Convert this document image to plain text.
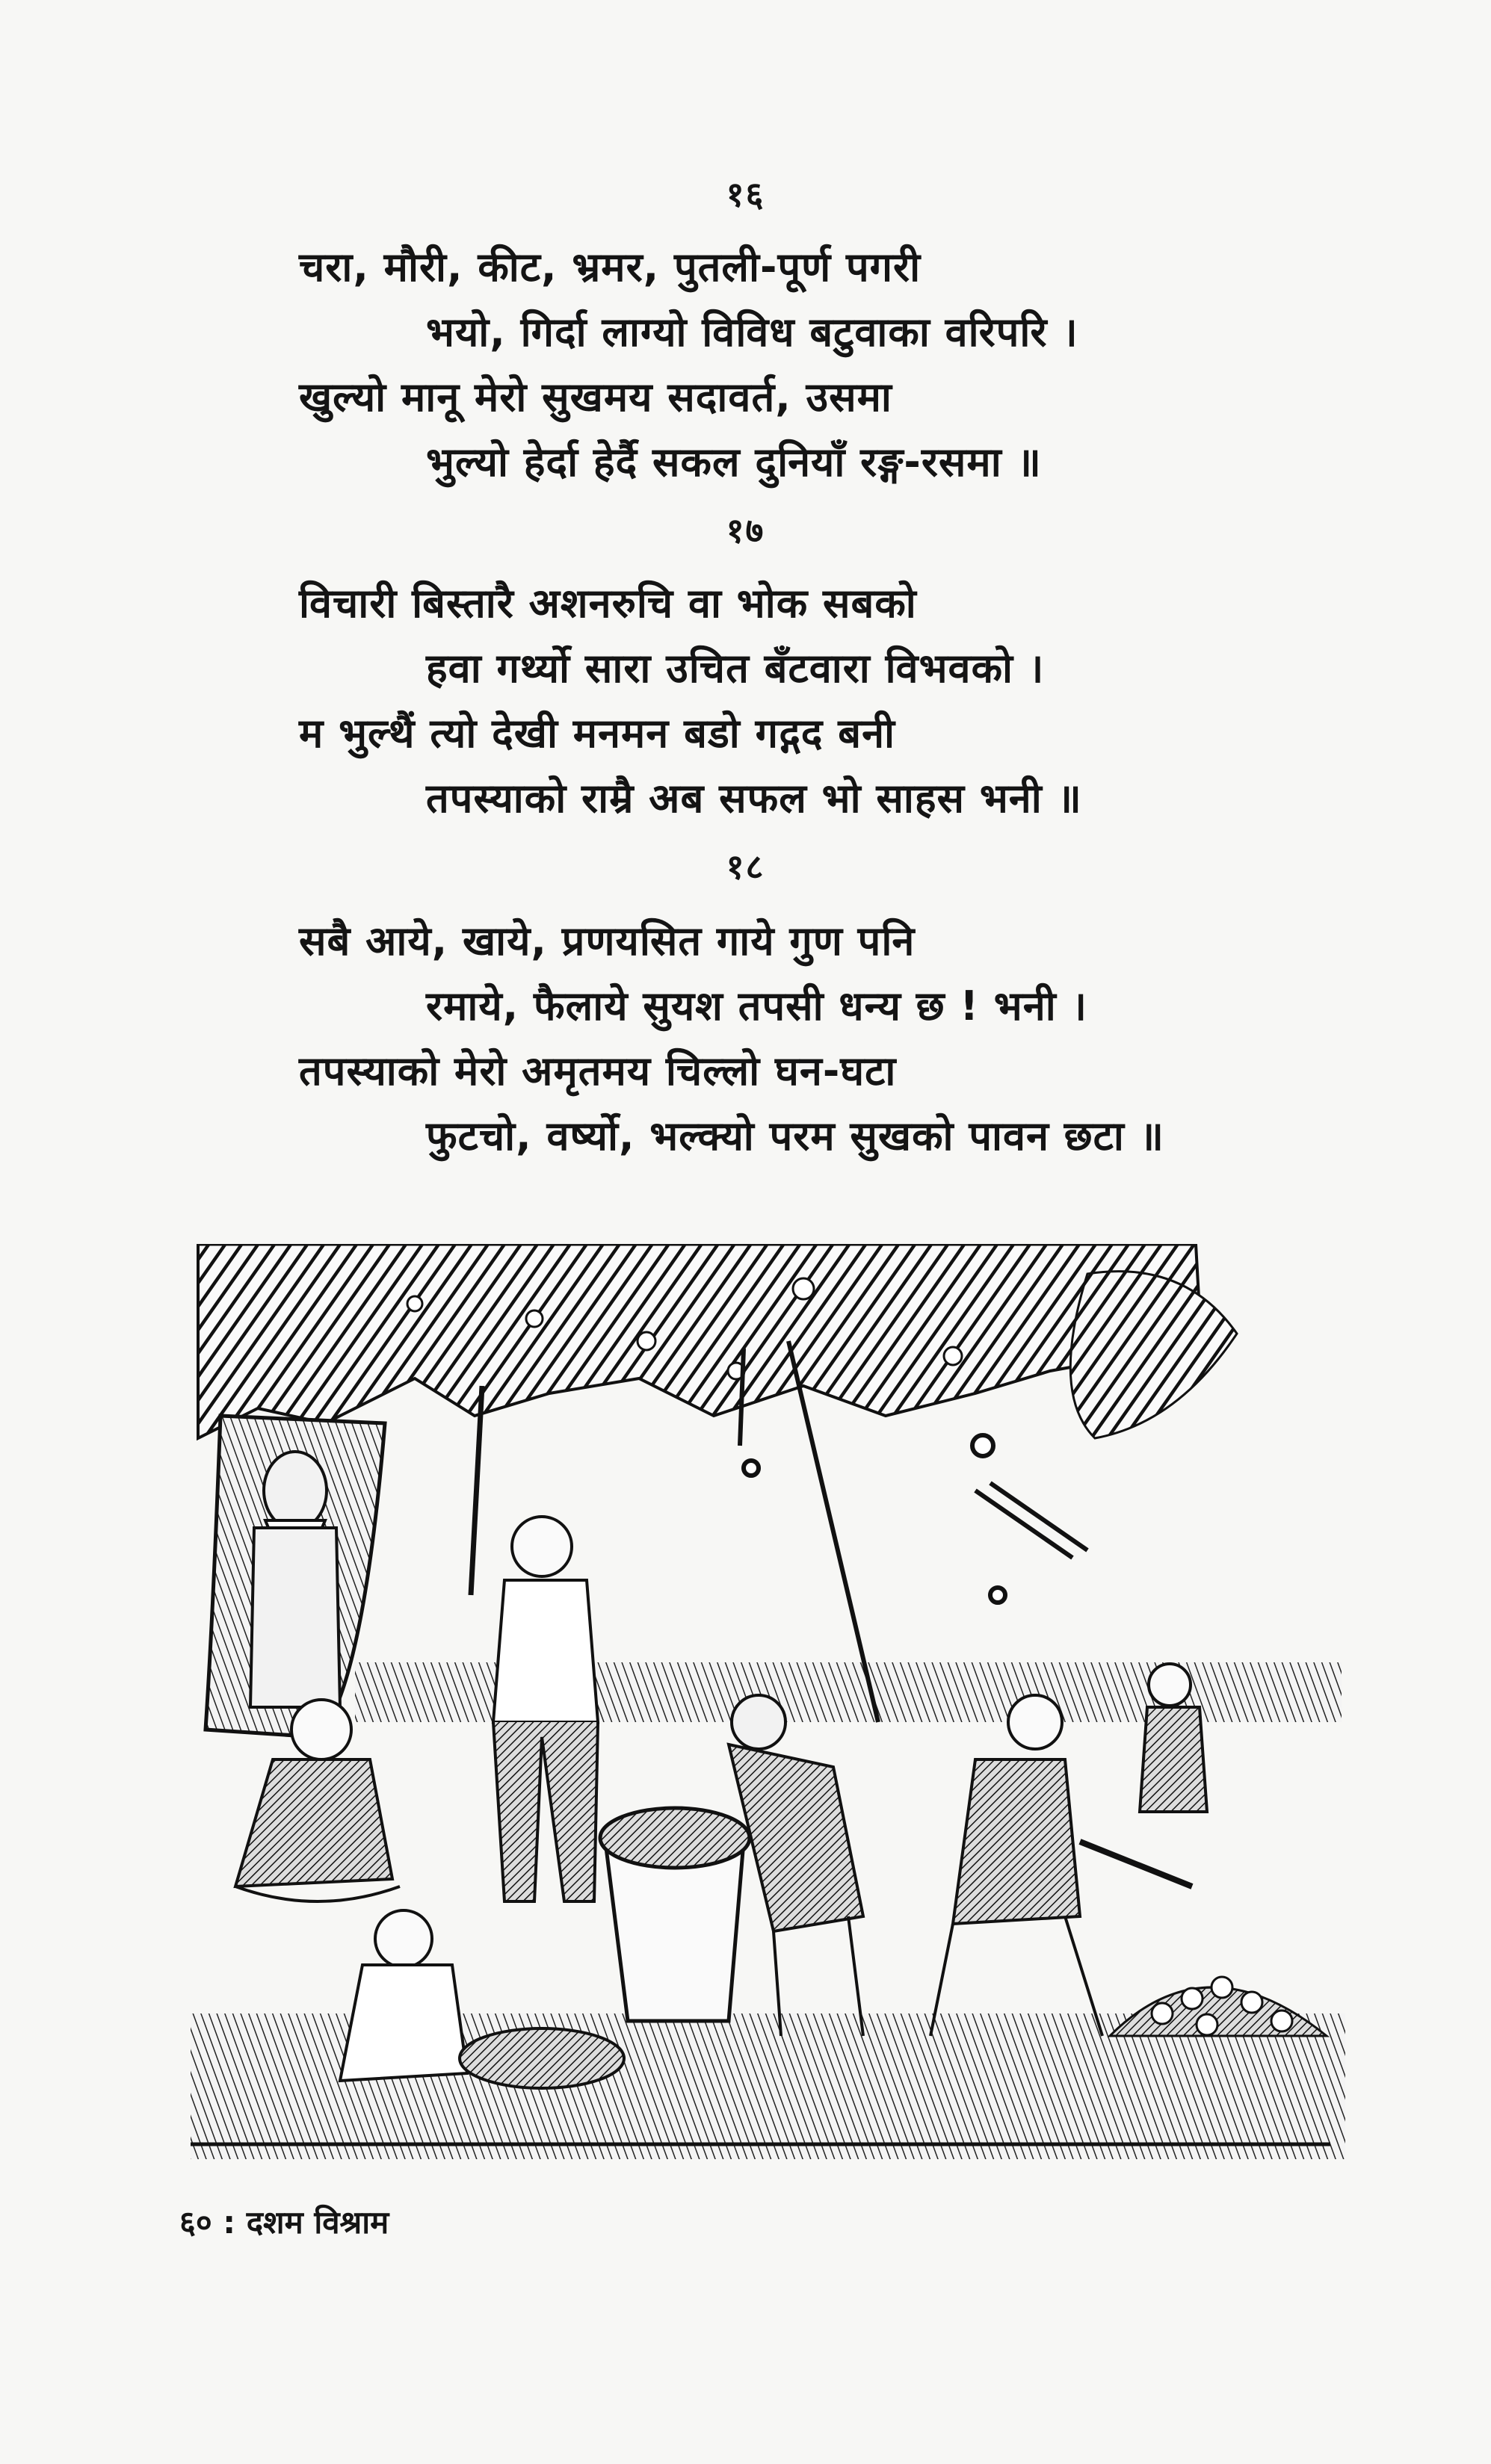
१६
चरा, मौरी, कीट, भ्रमर, पुतली-पूर्ण पगरी
भयो, गिर्दा लाग्यो विविध बटुवाका वरिपरि ।
खुल्यो मानू मेरो सुखमय सदावर्त, उसमा
भुल्यो हेर्दा हेर्दै सकल दुनियाँ रङ्ग-रसमा ॥
१७
विचारी बिस्तारै अशनरुचि वा भोक सबको
हवा गर्थ्यो सारा उचित बँटवारा विभवको ।
म भुल्थैं त्यो देखी मनमन बडो गद्गद बनी
तपस्याको राम्रै अब सफल भो साहस भनी ॥
१८
सबै आये, खाये, प्रणयसित गाये गुण पनि
रमाये, फैलाये सुयश तपसी धन्य छ ! भनी ।
तपस्याको मेरो अमृतमय चिल्लो घन-घटा
फुटचो, वर्ष्यो, भल्क्यो परम सुखको पावन छटा ॥
६० : दशम विश्राम
